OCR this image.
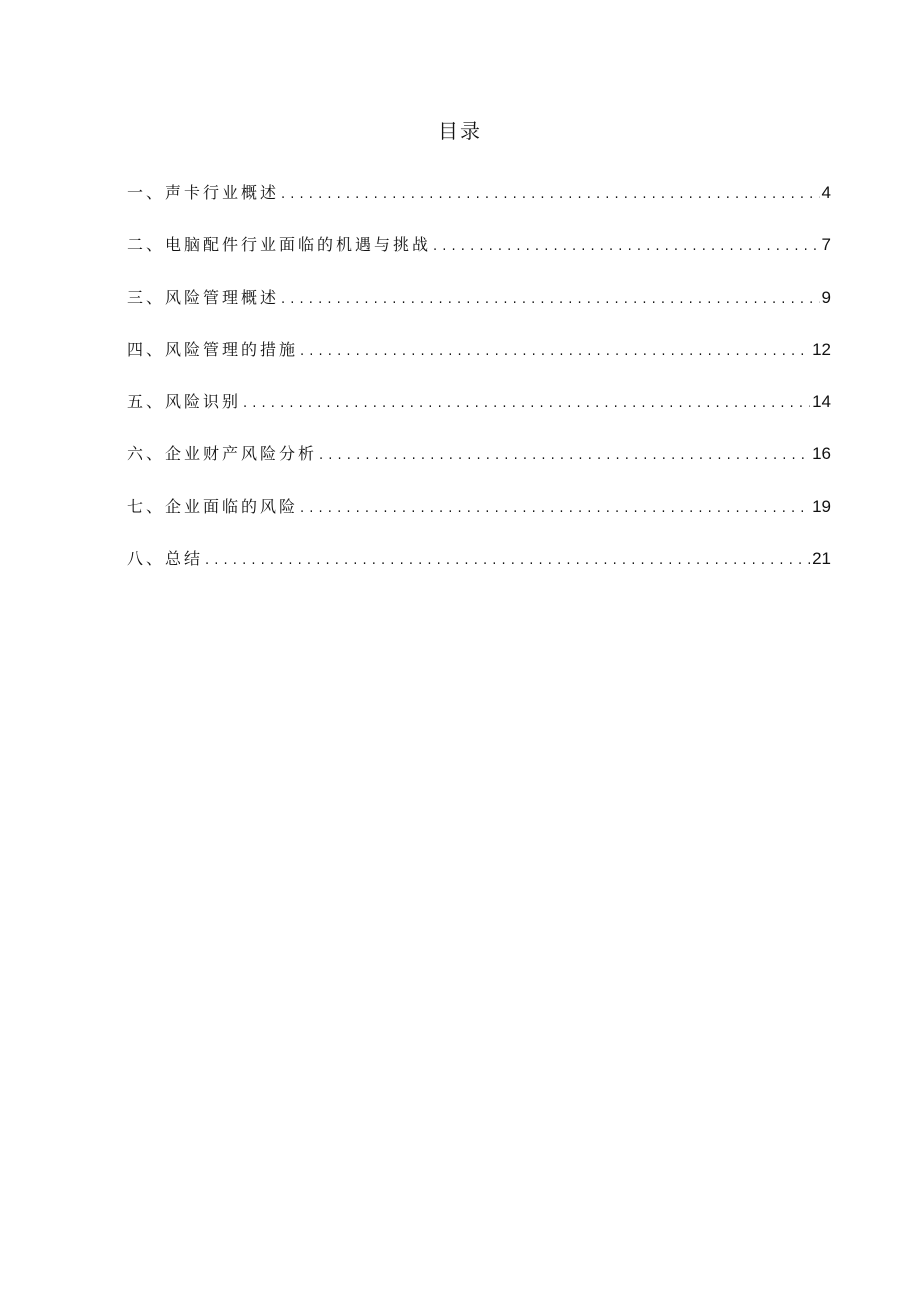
目录
一、声卡行业概述 . . .	4
二、电脑配件行业面临的机遇与挑战 . . .	7
三、风险管理概述 . . .	9
四、风险管理的措施 . . .	12
五、风险识别 . . .	14
六、企业财产风险分析 . . .	16
七、企业面临的风险 . . .	19
八、总结 . . .	21
